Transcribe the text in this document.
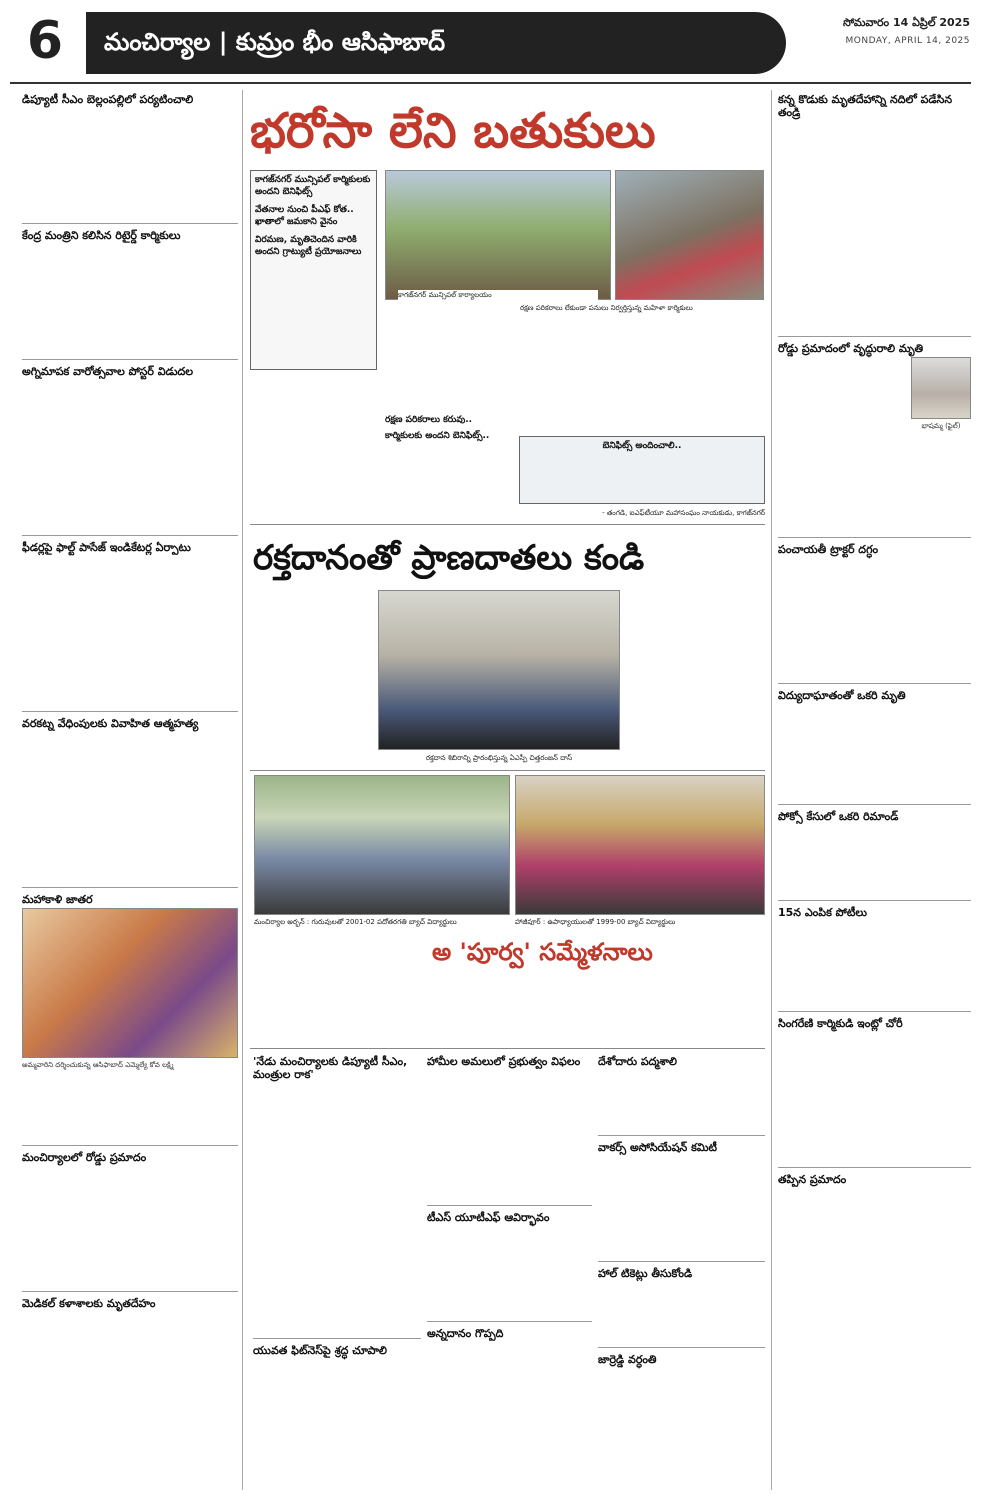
6	మంచిర్యాల | కుమ్రం భీం ఆసిఫాబాద్
సోమవారం 14 ఏప్రిల్ 2025
MONDAY, APRIL 14, 2025
డిప్యూటీ సీఎం బెల్లంపల్లిలో పర్యటించాలి

కేంద్ర మంత్రిని కలిసిన రిటైర్డ్ కార్మికులు

అగ్నిమాపక వారోత్సవాల పోస్టర్ విడుదల

ఫీడర్లపై ఫాల్ట్ పాసేజ్ ఇండికేటర్ల ఏర్పాటు

వరకట్న వేధింపులకు వివాహిత ఆత్మహత్య

మహాకాళి జాతర
అమ్మవారిని దర్శించుకున్న ఆసిఫాబాద్ ఎమ్మెల్యే కోవ లక్ష్మి

మంచిర్యాలలో రోడ్డు ప్రమాదం

మెడికల్ కళాశాలకు మృతదేహం
భరోసా లేని బతుకులు
కాగజ్‌నగర్ మున్సిపల్ కార్మికులకు అందని బెనిఫిట్స్
వేతనాల నుంచి పీఎఫ్ కోత.. ఖాతాలో జమకాని వైనం
విరమణ, మృతిచెందిన వారికి అందని గ్రాట్యుటీ ప్రయోజనాలు
కాగజ్‌నగర్ మున్సిపల్ కార్యాలయం
రక్షణ పరికరాలు లేకుండా పనులు నిర్వర్తిస్తున్న మహిళా కార్మికులు

రక్షణ పరికరాలు కరువు..
కార్మికులకు అందని బెనిఫిట్స్..
బెనిఫిట్స్ అందించాలి..
- తంగడి, ఐఎఫ్‌టీయూ మహాసంఘం నాయకుడు, కాగజ్‌నగర్
రక్తదానంతో ప్రాణదాతలు కండి

రక్తదాన శిబిరాన్ని ప్రారంభిస్తున్న ఏఎస్పీ చిత్తరంజన్ దాస్

మంచిర్యాల అర్బన్ : గురువులతో 2001-02 పదోతరగతి బ్యాచ్ విద్యార్థులు	హాజీపూర్ : ఉపాధ్యాయులతో 1999-00 బ్యాచ్ విద్యార్థులు
అ 'పూర్వ' సమ్మేళనాలు

'నేడు మంచిర్యాలకు డిప్యూటీ సీఎం, మంత్రుల రాక'

యువత ఫిట్‌నెస్‌పై శ్రద్ధ చూపాలి
హామీల అమలులో ప్రభుత్వం విఫలం

టీఎస్ యూటీఎఫ్ ఆవిర్భావం

అన్నదానం గొప్పది
దేశోదారు పద్మశాలి

వాకర్స్ అసోసియేషన్ కమిటీ

హాల్ టికెట్లు తీసుకోండి

జార్రెడ్డి వర్ధంతి
కన్న కొడుకు మృతదేహాన్ని నదిలో పడేసిన తండ్రి

రోడ్డు ప్రమాదంలో వృద్ధురాలి మృతి
భాషమ్మ (ఫైల్)
పంచాయతీ ట్రాక్టర్ దగ్ధం

విద్యుదాఘాతంతో ఒకరి మృతి

పోక్సో కేసులో ఒకరి రిమాండ్

15న ఎంపిక పోటీలు

సింగరేణి కార్మికుడి ఇంట్లో చోరీ

తప్పిన ప్రమాదం
